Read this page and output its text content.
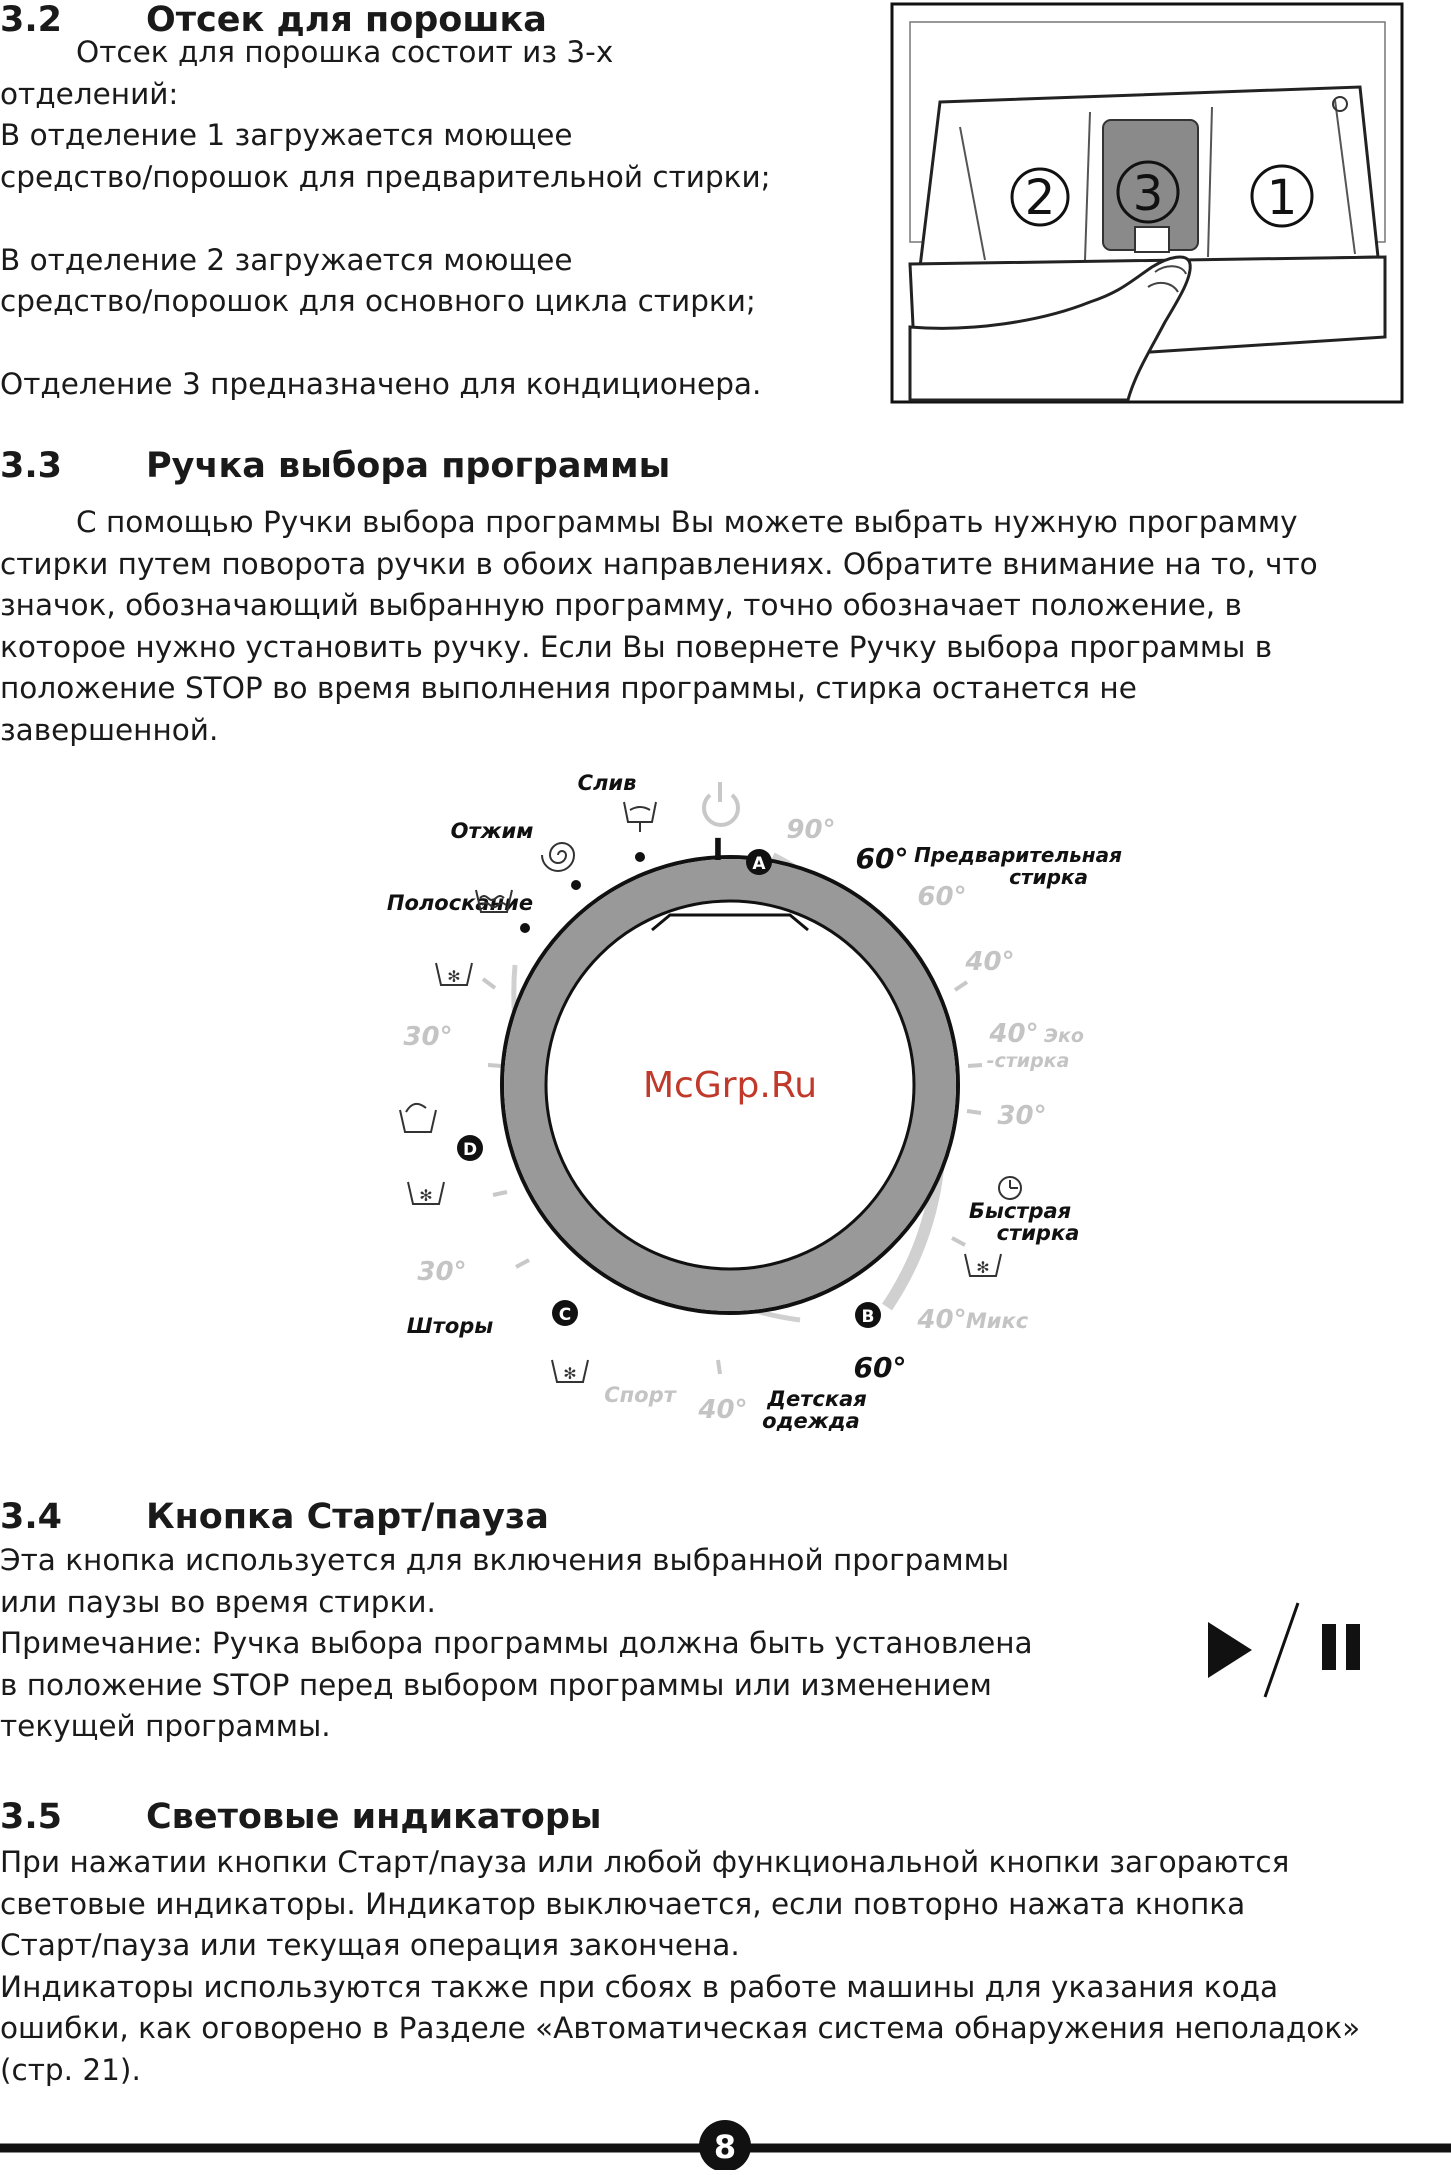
3.2 Отсек для порошка

Отсек для порошка состоит из 3-х
отделений:
В отделение 1 загружается моющее
средство/порошок для предварительной стирки;

В отделение 2 загружается моющее
средство/порошок для основного цикла стирки;

Отделение 3 предназначено для кондиционера.

2 3 1
3.3 Ручка выбора программы

С помощью Ручки выбора программы Вы можете выбрать нужную программу
стирки путем поворота ручки в обоих направлениях. Обратите внимание на то, что
значок, обозначающий выбранную программу, точно обозначает положение, в
которое нужно установить ручку. Если Вы повернете Ручку выбора программы в
положение STOP во время выполнения программы, стирка останется не
завершенной.

McGrp.Ru
I
Слив
Отжим
Полоскание
✻
30°
D
✻
30°
Шторы	C
✻
Спорт 40° Детская
одежда
60°
B 40° Микс
✻
Быстрая
стирка
30°
40° Эко
-стирка
40°
60°
A
90°
60° Предварительная
стирка
3.4 Кнопка Старт/пауза

Эта кнопка используется для включения выбранной программы
или паузы во время стирки.
Примечание: Ручка выбора программы должна быть установлена
в положение STOP перед выбором программы или изменением
текущей программы.

3.5 Световые индикаторы

При нажатии кнопки Старт/пауза или любой функциональной кнопки загораются
световые индикаторы. Индикатор выключается, если повторно нажата кнопка
Старт/пауза или текущая операция закончена.
Индикаторы используются также при сбоях в работе машины для указания кода
ошибки, как оговорено в Разделе «Автоматическая система обнаружения неполадок»
(стр. 21).

8
